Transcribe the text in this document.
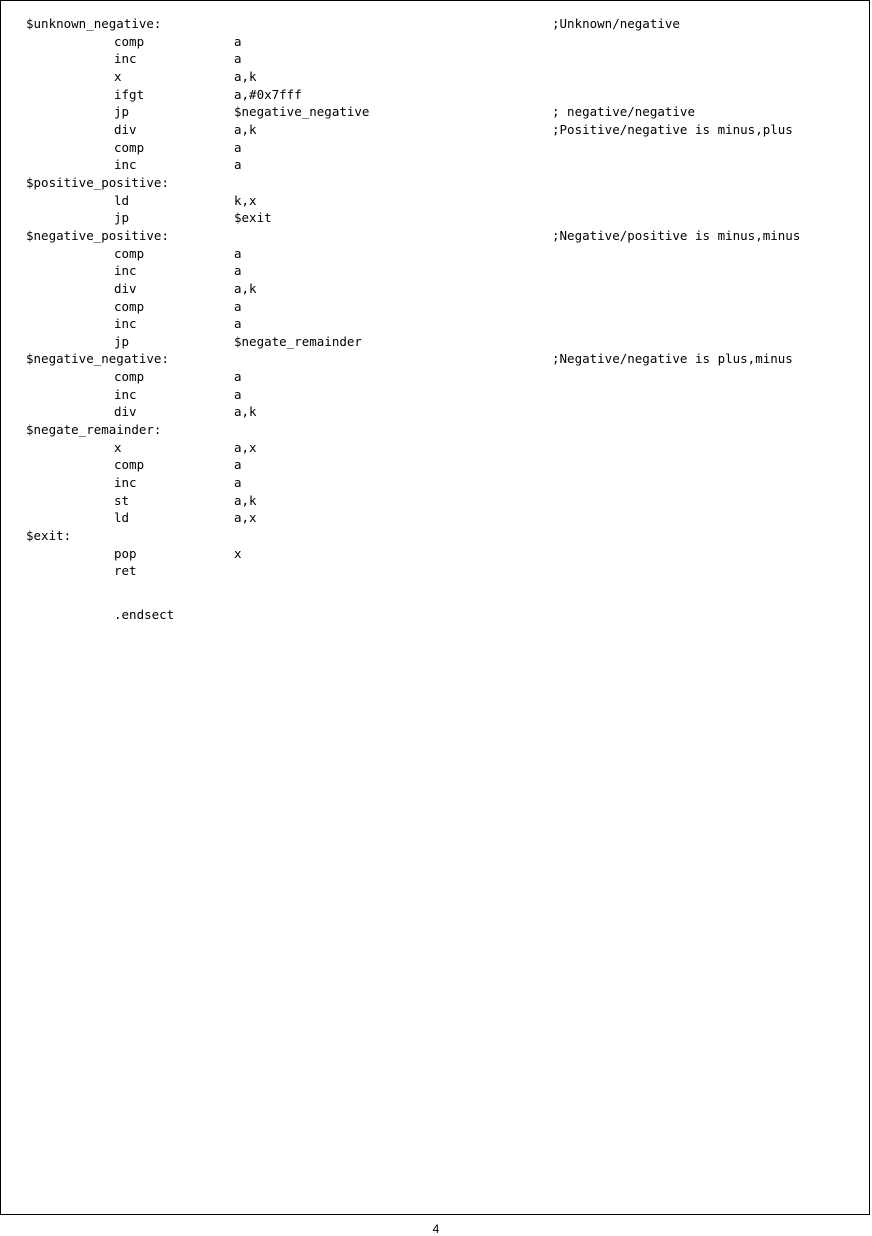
$unknown_negative:	;Unknown/negative
comp	a
inc	a
x	a,k
ifgt	a,#0x7fff
jp	$negative_negative	; negative/negative
div	a,k	;Positive/negative is minus,plus
comp	a
inc	a
$positive_positive:
ld	k,x
jp	$exit
$negative_positive:	;Negative/positive is minus,minus
comp	a
inc	a
div	a,k
comp	a
inc	a
jp	$negate_remainder
$negative_negative:	;Negative/negative is plus,minus
comp	a
inc	a
div	a,k
$negate_remainder:
x	a,x
comp	a
inc	a
st	a,k
ld	a,x
$exit:
pop	x
ret

.endsect

4
